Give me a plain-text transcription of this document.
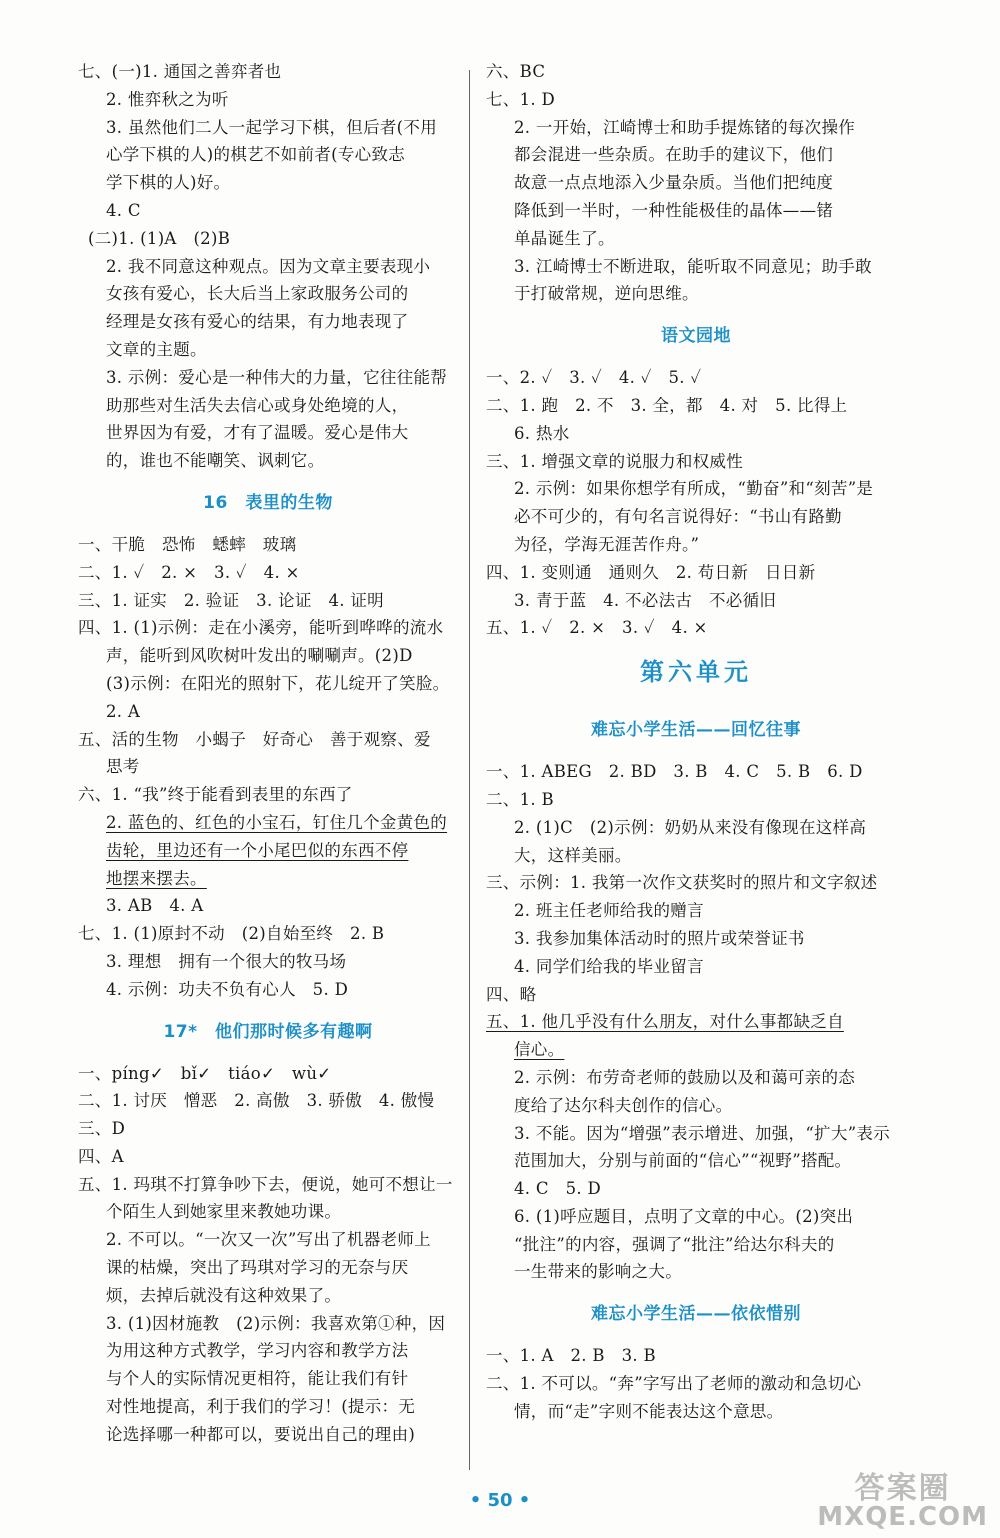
七、(一)1. 通国之善弈者也
2. 惟弈秋之为听
3. 虽然他们二人一起学习下棋，但后者(不用
心学下棋的人)的棋艺不如前者(专心致志
学下棋的人)好。
4. C
(二)1. (1)A　(2)B
2. 我不同意这种观点。因为文章主要表现小
女孩有爱心，长大后当上家政服务公司的
经理是女孩有爱心的结果，有力地表现了
文章的主题。
3. 示例：爱心是一种伟大的力量，它往往能帮
助那些对生活失去信心或身处绝境的人，
世界因为有爱，才有了温暖。爱心是伟大
的，谁也不能嘲笑、讽刺它。
16　表里的生物
一、干脆　恐怖　蟋蟀　玻璃
二、1. ✓　2. ×　3. ✓　4. ×
三、1. 证实　2. 验证　3. 论证　4. 证明
四、1. (1)示例：走在小溪旁，能听到哗哗的流水
声，能听到风吹树叶发出的唰唰声。(2)D
(3)示例：在阳光的照射下，花儿绽开了笑脸。
2. A
五、活的生物　小蝎子　好奇心　善于观察、爱
思考
六、1. “我”终于能看到表里的东西了
2. 蓝色的、红色的小宝石，钉住几个金黄色的
齿轮，里边还有一个小尾巴似的东西不停
地摆来摆去。
3. AB　4. A
七、1. (1)原封不动　(2)自始至终　2. B
3. 理想　拥有一个很大的牧马场
4. 示例：功夫不负有心人　5. D
17*　他们那时候多有趣啊
一、píng✓　bǐ✓　tiáo✓　wù✓
二、1. 讨厌　憎恶　2. 高傲　3. 骄傲　4. 傲慢
三、D
四、A
五、1. 玛琪不打算争吵下去，便说，她可不想让一
个陌生人到她家里来教她功课。
2. 不可以。“一次又一次”写出了机器老师上
课的枯燥，突出了玛琪对学习的无奈与厌
烦，去掉后就没有这种效果了。
3. (1)因材施教　(2)示例：我喜欢第①种，因
为用这种方式教学，学习内容和教学方法
与个人的实际情况更相符，能让我们有针
对性地提高，利于我们的学习！(提示：无
论选择哪一种都可以，要说出自己的理由)
六、BC
七、1. D
2. 一开始，江崎博士和助手提炼锗的每次操作
都会混进一些杂质。在助手的建议下，他们
故意一点点地添入少量杂质。当他们把纯度
降低到一半时，一种性能极佳的晶体——锗
单晶诞生了。
3. 江崎博士不断进取，能听取不同意见；助手敢
于打破常规，逆向思维。
语文园地
一、2. ✓　3. ✓　4. ✓　5. ✓
二、1. 跑　2. 不　3. 全，都　4. 对　5. 比得上
6. 热水
三、1. 增强文章的说服力和权威性
2. 示例：如果你想学有所成，“勤奋”和“刻苦”是
必不可少的，有句名言说得好：“书山有路勤
为径，学海无涯苦作舟。”
四、1. 变则通　通则久　2. 苟日新　日日新
3. 青于蓝　4. 不必法古　不必循旧
五、1. ✓　2. ×　3. ✓　4. ×
第六单元
难忘小学生活——回忆往事
一、1. ABEG　2. BD　3. B　4. C　5. B　6. D
二、1. B
2. (1)C　(2)示例：奶奶从来没有像现在这样高
大，这样美丽。
三、示例：1. 我第一次作文获奖时的照片和文字叙述
2. 班主任老师给我的赠言
3. 我参加集体活动时的照片或荣誉证书
4. 同学们给我的毕业留言
四、略
五、1. 他几乎没有什么朋友，对什么事都缺乏自
信心。
2. 示例：布劳奇老师的鼓励以及和蔼可亲的态
度给了达尔科夫创作的信心。
3. 不能。因为“增强”表示增进、加强，“扩大”表示
范围加大，分别与前面的“信心”“视野”搭配。
4. C　5. D
6. (1)呼应题目，点明了文章的中心。(2)突出
“批注”的内容，强调了“批注”给达尔科夫的
一生带来的影响之大。
难忘小学生活——依依惜别
一、1. A　2. B　3. B
二、1. 不可以。“奔”字写出了老师的激动和急切心
情，而“走”字则不能表达这个意思。
• 50 •	答案圈
MXQE.COM
